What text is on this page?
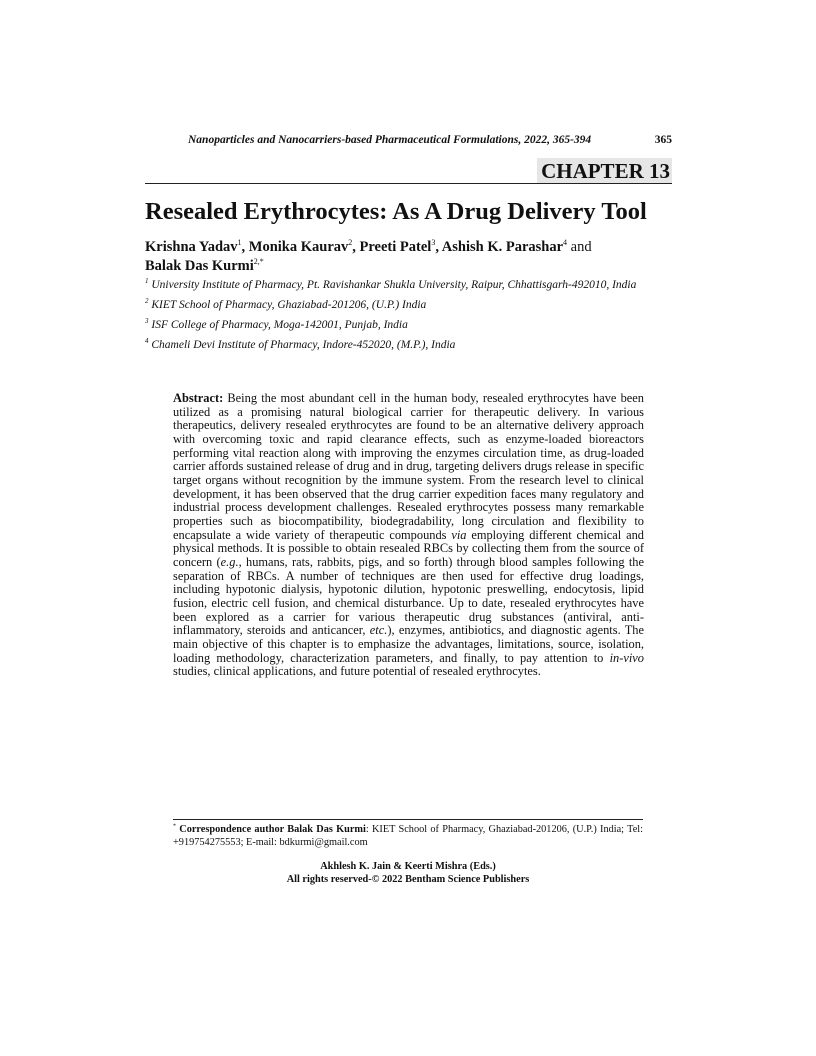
Nanoparticles and Nanocarriers-based Pharmaceutical Formulations, 2022, 365-394	365
CHAPTER 13
Resealed Erythrocytes: As A Drug Delivery Tool
Krishna Yadav$^1$, Monika Kaurav$^2$, Preeti Patel$^3$, Ashish K. Parashar$^4$ and
Balak Das Kurmi$^{2,*}$
$^1$ University Institute of Pharmacy, Pt. Ravishankar Shukla University, Raipur, Chhattisgarh-492010, India
$^2$ KIET School of Pharmacy, Ghaziabad-201206, (U.P.) India
$^3$ ISF College of Pharmacy, Moga-142001, Punjab, India
$^4$ Chameli Devi Institute of Pharmacy, Indore-452020, (M.P.), India
Abstract: Being the most abundant cell in the human body, resealed erythrocytes have been utilized as a promising natural biological carrier for therapeutic delivery. In various therapeutics, delivery resealed erythrocytes are found to be an alternative delivery approach with overcoming toxic and rapid clearance effects, such as enzyme-loaded bioreactors performing vital reaction along with improving the enzymes circulation time, as drug-loaded carrier affords sustained release of drug and in drug, targeting delivers drugs release in specific target organs without recognition by the immune system. From the research level to clinical development, it has been observed that the drug carrier expedition faces many regulatory and industrial process development challenges. Resealed erythrocytes possess many remarkable properties such as biocompatibility, biodegradability, long circulation and flexibility to encapsulate a wide variety of therapeutic compounds via employing different chemical and physical methods. It is possible to obtain resealed RBCs by collecting them from the source of concern (e.g., humans, rats, rabbits, pigs, and so forth) through blood samples following the separation of RBCs. A number of techniques are then used for effective drug loadings, including hypotonic dialysis, hypotonic dilution, hypotonic preswelling, endocytosis, lipid fusion, electric cell fusion, and chemical disturbance. Up to date, resealed erythrocytes have been explored as a carrier for various therapeutic drug substances (antiviral, anti-inflammatory, steroids and anticancer, etc.), enzymes, antibiotics, and diagnostic agents. The main objective of this chapter is to emphasize the advantages, limitations, source, isolation, loading methodology, characterization parameters, and finally, to pay attention to in-vivo studies, clinical applications, and future potential of resealed erythrocytes.
* Correspondence author Balak Das Kurmi: KIET School of Pharmacy, Ghaziabad-201206, (U.P.) India; Tel: +919754275553; E-mail: bdkurmi@gmail.com
Akhlesh K. Jain & Keerti Mishra (Eds.)
All rights reserved-© 2022 Bentham Science Publishers
